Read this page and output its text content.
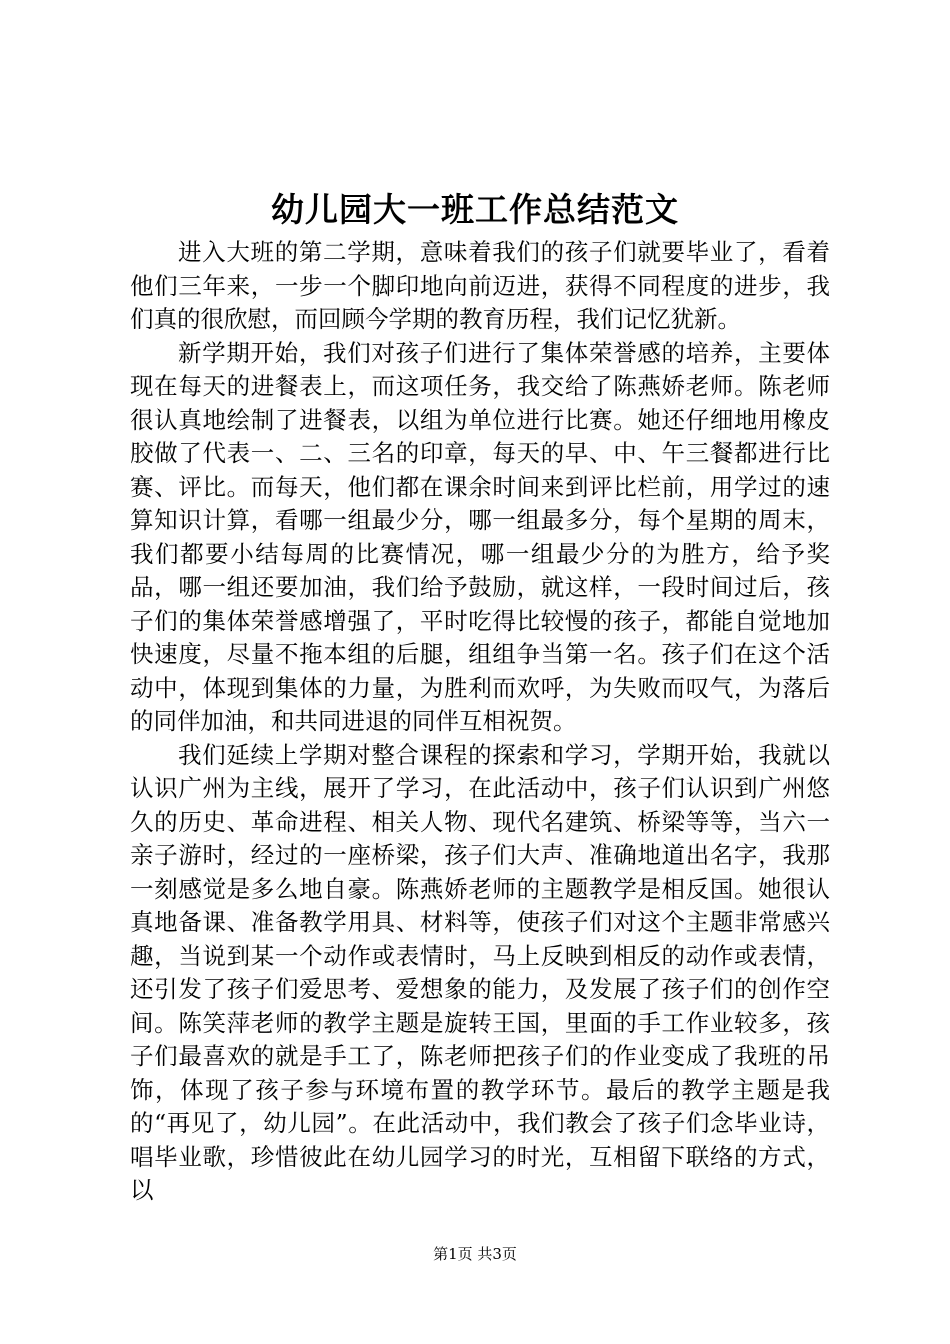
幼儿园大一班工作总结范文

进入大班的第二学期，意味着我们的孩子们就要毕业了，看着他们三年来，一步一个脚印地向前迈进，获得不同程度的进步，我们真的很欣慰，而回顾今学期的教育历程，我们记忆犹新。

新学期开始，我们对孩子们进行了集体荣誉感的培养，主要体现在每天的进餐表上，而这项任务，我交给了陈燕娇老师。陈老师很认真地绘制了进餐表，以组为单位进行比赛。她还仔细地用橡皮胶做了代表一、二、三名的印章，每天的早、中、午三餐都进行比赛、评比。而每天，他们都在课余时间来到评比栏前，用学过的速算知识计算，看哪一组最少分，哪一组最多分，每个星期的周末，我们都要小结每周的比赛情况，哪一组最少分的为胜方，给予奖品，哪一组还要加油，我们给予鼓励，就这样，一段时间过后，孩子们的集体荣誉感增强了，平时吃得比较慢的孩子，都能自觉地加快速度，尽量不拖本组的后腿，组组争当第一名。孩子们在这个活动中，体现到集体的力量，为胜利而欢呼，为失败而叹气，为落后的同伴加油，和共同进退的同伴互相祝贺。

我们延续上学期对整合课程的探索和学习，学期开始，我就以认识广州为主线，展开了学习，在此活动中，孩子们认识到广州悠久的历史、革命进程、相关人物、现代名建筑、桥梁等等，当六一亲子游时，经过的一座桥梁，孩子们大声、准确地道出名字，我那一刻感觉是多么地自豪。陈燕娇老师的主题教学是相反国。她很认真地备课、准备教学用具、材料等，使孩子们对这个主题非常感兴趣，当说到某一个动作或表情时，马上反映到相反的动作或表情，还引发了孩子们爱思考、爱想象的能力，及发展了孩子们的创作空间。陈笑萍老师的教学主题是旋转王国，里面的手工作业较多，孩子们最喜欢的就是手工了，陈老师把孩子们的作业变成了我班的吊饰，体现了孩子参与环境布置的教学环节。最后的教学主题是我的“再见了，幼儿园”。在此活动中，我们教会了孩子们念毕业诗，唱毕业歌，珍惜彼此在幼儿园学习的时光，互相留下联络的方式，以

第1页 共3页
